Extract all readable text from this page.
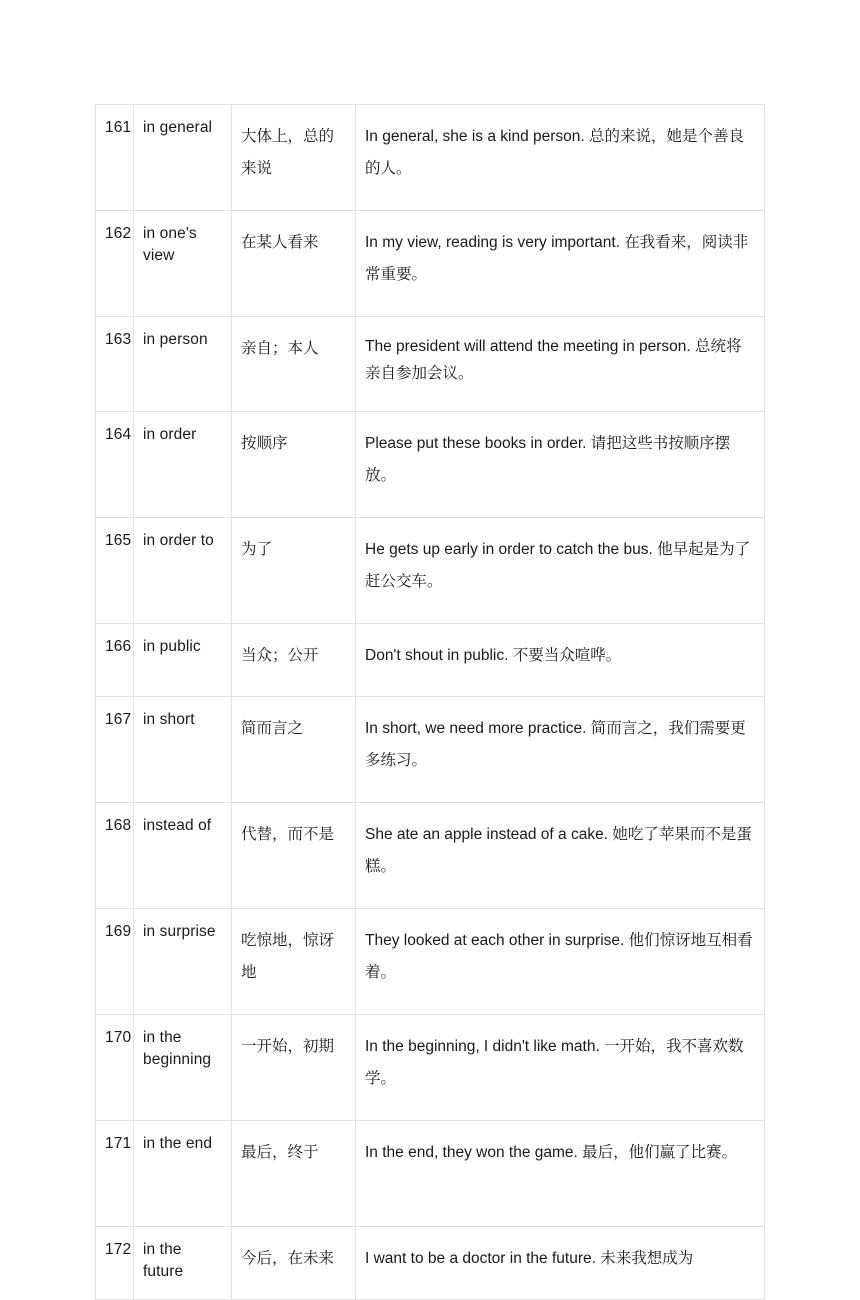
161	in general	大体上，总的来说	In general, she is a kind person. 总的来说，她是个善良的人。
162	in one's view	在某人看来	In my view, reading is very important. 在我看来，阅读非常重要。
163	in person	亲自；本人	The president will attend the meeting in person. 总统将亲自参加会议。
164	in order	按顺序	Please put these books in order. 请把这些书按顺序摆放。
165	in order to	为了	He gets up early in order to catch the bus. 他早起是为了赶公交车。
166	in public	当众；公开	Don't shout in public. 不要当众喧哗。
167	in short	简而言之	In short, we need more practice. 简而言之，我们需要更多练习。
168	instead of	代替，而不是	She ate an apple instead of a cake. 她吃了苹果而不是蛋糕。
169	in surprise	吃惊地，惊讶地	They looked at each other in surprise. 他们惊讶地互相看着。
170	in the beginning	一开始，初期	In the beginning, I didn't like math. 一开始，我不喜欢数学。
171	in the end	最后，终于	In the end, they won the game. 最后，他们赢了比赛。
172	in the future	今后，在未来	I want to be a doctor in the future. 未来我想成为
